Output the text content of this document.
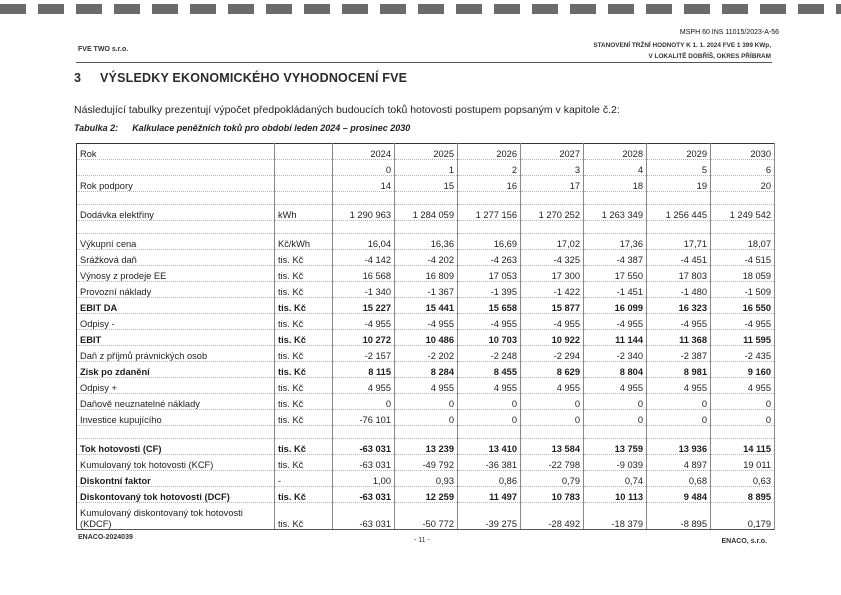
MSPH 60 INS 11015/2023-A-56
FVE TWO s.r.o.
STANOVENÍ TRŽNÍ HODNOTY K 1. 1. 2024 FVE 1 399 KWp,
V LOKALITĚ DOBŘÍŠ, OKRES PŘÍBRAM
3 VÝSLEDKY EKONOMICKÉHO VYHODNOCENÍ FVE
Následující tabulky prezentují výpočet předpokládaných budoucích toků hotovosti postupem popsaným v kapitole č.2:
Tabulka 2: Kalkulace peněžních toků pro období leden 2024 – prosinec 2030
Rok		2024	2025	2026	2027	2028	2029	2030
		0	1	2	3	4	5	6
Rok podpory		14	15	16	17	18	19	20

Dodávka elektřiny	kWh	1 290 963	1 284 059	1 277 156	1 270 252	1 263 349	1 256 445	1 249 542

Výkupní cena	Kč/kWh	16,04	16,36	16,69	17,02	17,36	17,71	18,07
Srážková daň	tis. Kč	-4 142	-4 202	-4 263	-4 325	-4 387	-4 451	-4 515
Výnosy z prodeje EE	tis. Kč	16 568	16 809	17 053	17 300	17 550	17 803	18 059
Provozní náklady	tis. Kč	-1 340	-1 367	-1 395	-1 422	-1 451	-1 480	-1 509
EBIT DA	tis. Kč	15 227	15 441	15 658	15 877	16 099	16 323	16 550
Odpisy -	tis. Kč	-4 955	-4 955	-4 955	-4 955	-4 955	-4 955	-4 955
EBIT	tis. Kč	10 272	10 486	10 703	10 922	11 144	11 368	11 595
Daň z příjmů právnických osob	tis. Kč	-2 157	-2 202	-2 248	-2 294	-2 340	-2 387	-2 435
Zisk po zdanění	tis. Kč	8 115	8 284	8 455	8 629	8 804	8 981	9 160
Odpisy +	tis. Kč	4 955	4 955	4 955	4 955	4 955	4 955	4 955
Daňově neuznatelné náklady	tis. Kč	0	0	0	0	0	0	0
Investice kupujícího	tis. Kč	-76 101	0	0	0	0	0	0

Tok hotovosti (CF)	tis. Kč	-63 031	13 239	13 410	13 584	13 759	13 936	14 115
Kumulovaný tok hotovosti (KCF)	tis. Kč	-63 031	-49 792	-36 381	-22 798	-9 039	4 897	19 011
Diskontní faktor	-	1,00	0,93	0,86	0,79	0,74	0,68	0,63
Diskontovaný tok hotovosti (DCF)	tis. Kč	-63 031	12 259	11 497	10 783	10 113	9 484	8 895
Kumulovaný diskontovaný tok hotovosti (KDCF)	tis. Kč	-63 031	-50 772	-39 275	-28 492	-18 379	-8 895	0,179
ENACO-2024039	- 11 -	ENACO, s.r.o.
